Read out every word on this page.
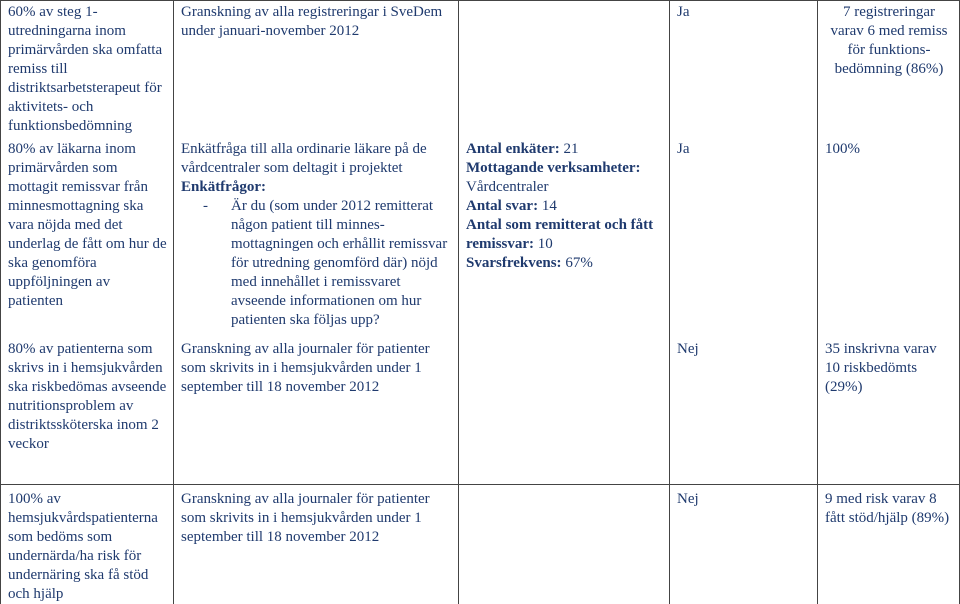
60% av steg 1-utredningarna inom primärvården ska omfatta remiss till distriktsarbetsterapeut för aktivitets- och funktionsbedömning

80% av läkarna inom primärvården som mottagit remissvar från minnesmottagning ska vara nöjda med det underlag de fått om hur de ska genomföra uppföljningen av patienten

80% av patienterna som skrivs in i hemsjukvården ska riskbedömas avseende nutritionsproblem av distriktssköterska inom 2 veckor

100% av hemsjukvårdspatienterna som bedöms som undernärda/ha risk för undernäring ska få stöd och hjälp

Granskning av alla registreringar i SveDem under januari-november 2012

Enkätfråga till alla ordinarie läkare på de vårdcentraler som deltagit i projektet

Enkätfrågor:

-	Är du (som under 2012 remitterat någon patient till minnes-mottagningen och erhållit remissvar för utredning genomförd där) nöjd med innehållet i remissvaret avseende informationen om hur patienten ska följas upp?

Granskning av alla journaler för patienter som skrivits in i hemsjukvården under 1 september till 18 november 2012

Granskning av alla journaler för patienter som skrivits in i hemsjukvården under 1 september till 18 november 2012

Antal enkäter: 21

Mottagande verksamheter:

Vårdcentraler

Antal svar: 14

Antal som remitterat och fått remissvar: 10

Svarsfrekvens: 67%

Ja

Ja

Nej

Nej

7 registreringar varav 6 med remiss för funktions-bedömning (86%)

100%

35 inskrivna varav 10 riskbedömts (29%)

9 med risk varav 8 fått stöd/hjälp (89%)
